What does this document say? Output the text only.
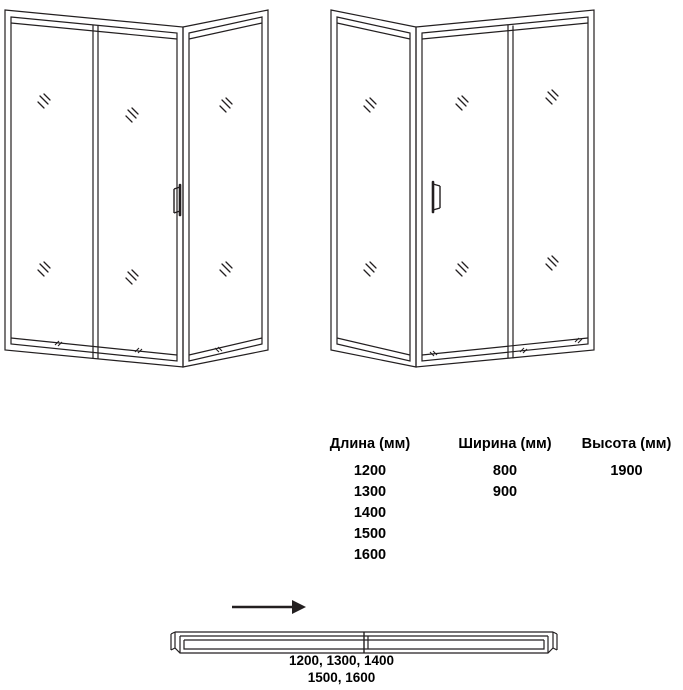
Длина (мм)
1200
1300
1400
1500
1600
Ширина (мм)
800
900
Высота (мм)
1900
1200, 1300, 1400
1500, 1600
